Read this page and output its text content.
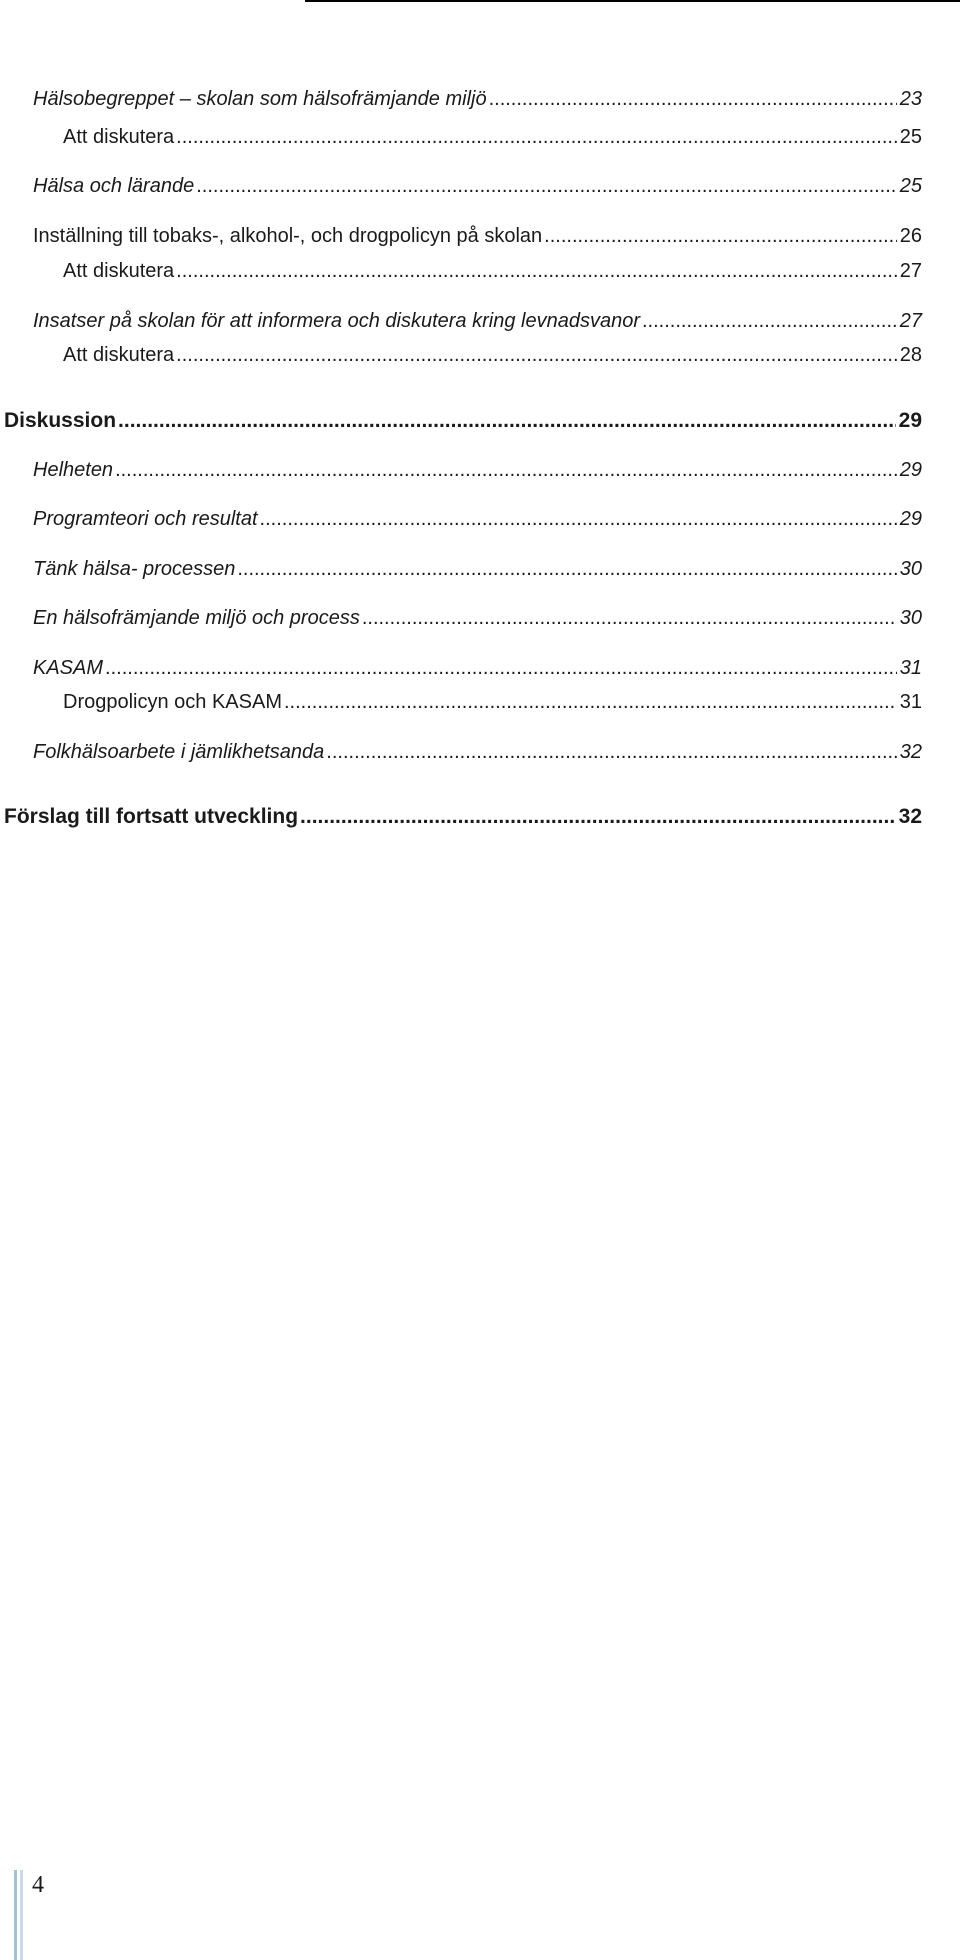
Hälsobegreppet – skolan som hälsofrämjande miljö .....	23
Att diskutera .....	25
Hälsa och lärande .....	25
Inställning till tobaks-, alkohol-, och drogpolicyn på skolan .....	26
Att diskutera .....	27
Insatser på skolan för att informera och diskutera kring levnadsvanor .....	27
Att diskutera .....	28
Diskussion .....	29
Helheten .....	29
Programteori och resultat .....	29
Tänk hälsa- processen .....	30
En hälsofrämjande miljö och process .....	30
KASAM .....	31
Drogpolicyn och KASAM .....	31
Folkhälsoarbete i jämlikhetsanda .....	32
Förslag till fortsatt utveckling .....	32
4
